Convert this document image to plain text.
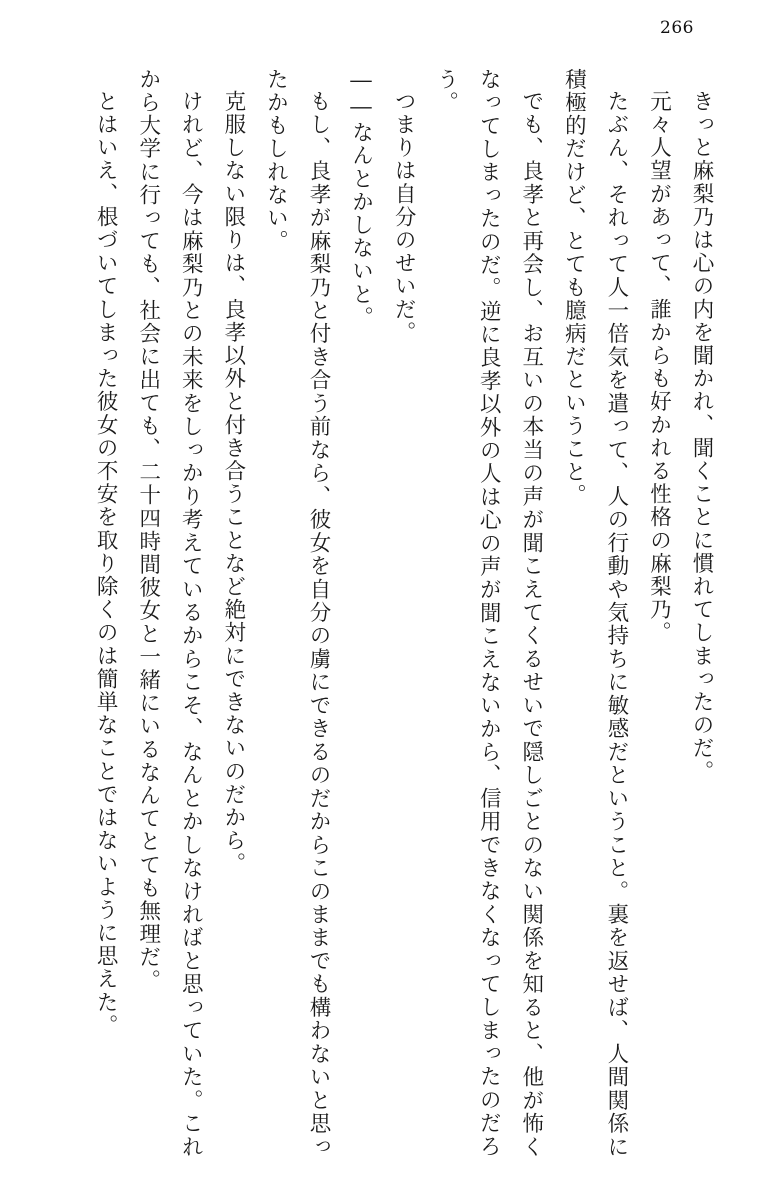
266
きっと麻梨乃は心の内を聞かれ、聞くことに慣れてしまったのだ。
元々人望があって、誰からも好かれる性格の麻梨乃。
たぶん、それって人一倍気を遣って、人の行動や気持ちに敏感だということ。裏を返せば、人間関係に積極的だけど、とても臆病だということ。
でも、良孝と再会し、お互いの本当の声が聞こえてくるせいで隠しごとのない関係を知ると、他が怖くなってしまったのだ。逆に良孝以外の人は心の声が聞こえないから、信用できなくなってしまったのだろう。
つまりは自分のせいだ。
――なんとかしないと。
もし、良孝が麻梨乃と付き合う前なら、彼女を自分の虜にできるのだからこのままでも構わないと思ったかもしれない。
克服しない限りは、良孝以外と付き合うことなど絶対にできないのだから。
けれど、今は麻梨乃との未来をしっかり考えているからこそ、なんとかしなければと思っていた。これから大学に行っても、社会に出ても、二十四時間彼女と一緒にいるなんてとても無理だ。
とはいえ、根づいてしまった彼女の不安を取り除くのは簡単なことではないように思えた。
